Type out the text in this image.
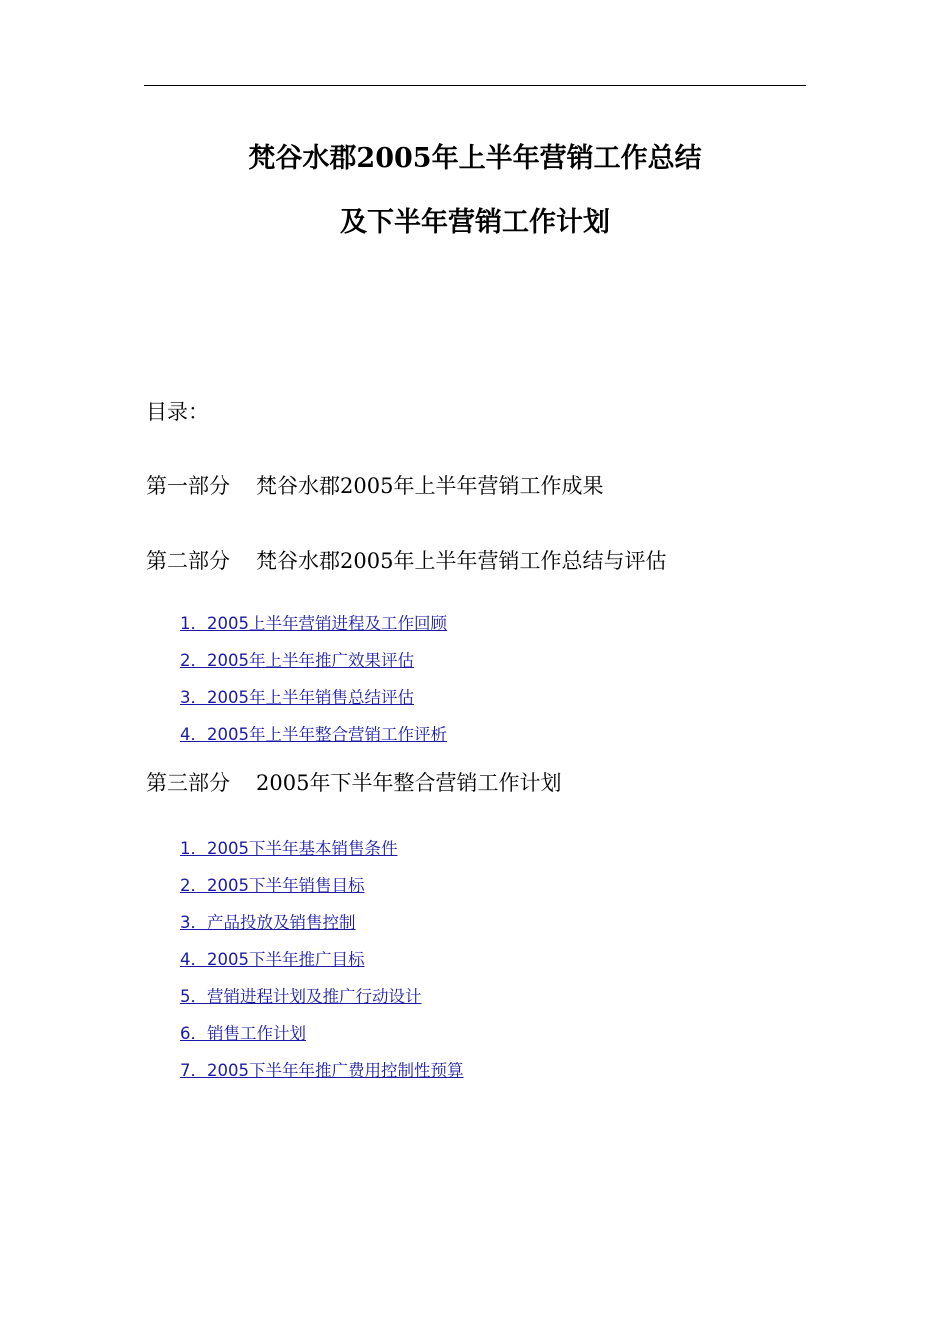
梵谷水郡2005年上半年营销工作总结
及下半年营销工作计划
目录：
第一部分 梵谷水郡2005年上半年营销工作成果
第二部分 梵谷水郡2005年上半年营销工作总结与评估
1．2005上半年营销进程及工作回顾
2．2005年上半年推广效果评估
3．2005年上半年销售总结评估
4．2005年上半年整合营销工作评析
第三部分 2005年下半年整合营销工作计划
1．2005下半年基本销售条件
2．2005下半年销售目标
3．产品投放及销售控制
4．2005下半年推广目标
5．营销进程计划及推广行动设计
6．销售工作计划
7．2005下半年年推广费用控制性预算
